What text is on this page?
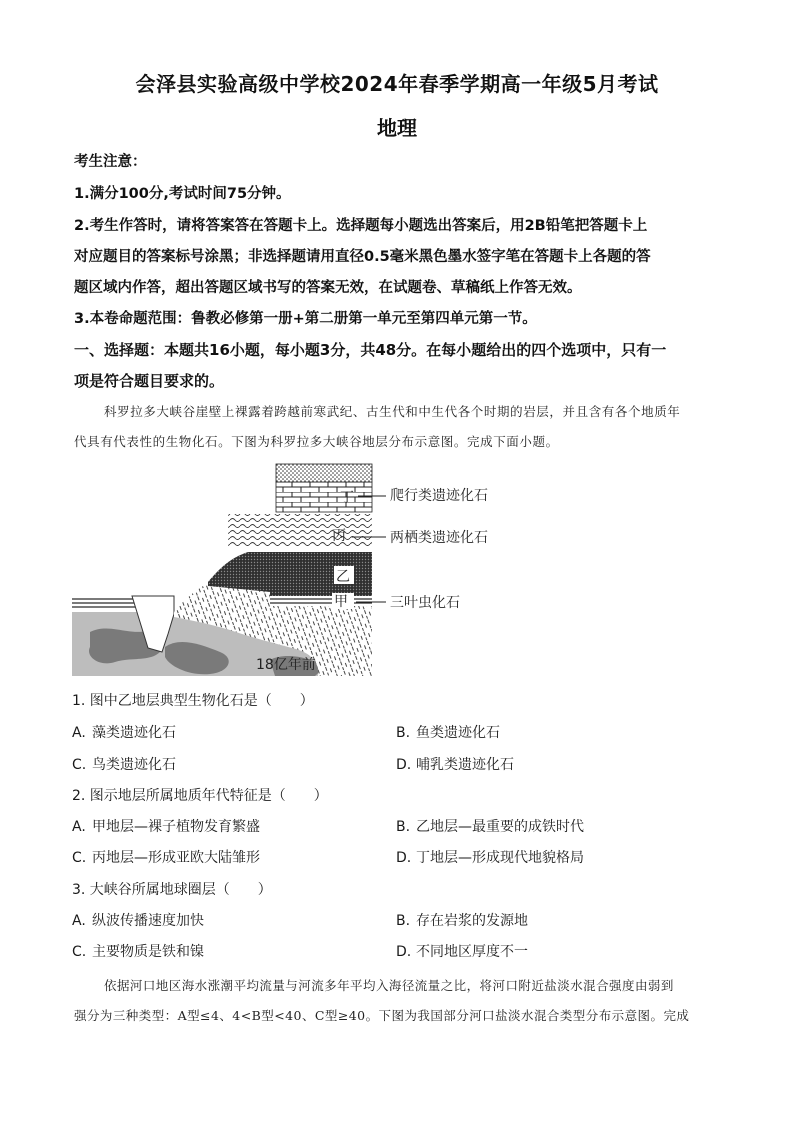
会泽县实验高级中学校2024年春季学期高一年级5月考试
地理
考生注意：
1.满分100分,考试时间75分钟。
2.考生作答时，请将答案答在答题卡上。选择题每小题选出答案后，用2B铅笔把答题卡上
对应题目的答案标号涂黑；非选择题请用直径0.5毫米黑色墨水签字笔在答题卡上各题的答
题区域内作答，超出答题区域书写的答案无效，在试题卷、草稿纸上作答无效。
3.本卷命题范围：鲁教必修第一册+第二册第一单元至第四单元第一节。
一、选择题：本题共16小题，每小题3分，共48分。在每小题给出的四个选项中，只有一
项是符合题目要求的。
科罗拉多大峡谷崖壁上裸露着跨越前寒武纪、古生代和中生代各个时期的岩层，并且含有各个地质年
代具有代表性的生物化石。下图为科罗拉多大峡谷地层分布示意图。完成下面小题。
丁
丙
乙
甲
爬行类遗迹化石
两栖类遗迹化石
三叶虫化石
18亿年前
1. 图中乙地层典型生物化石是（　　）
A. 藻类遗迹化石	B. 鱼类遗迹化石
C. 鸟类遗迹化石	D. 哺乳类遗迹化石
2. 图示地层所属地质年代特征是（　　）
A. 甲地层—裸子植物发育繁盛	B. 乙地层—最重要的成铁时代
C. 丙地层—形成亚欧大陆雏形	D. 丁地层—形成现代地貌格局
3. 大峡谷所属地球圈层（　　）
A. 纵波传播速度加快	B. 存在岩浆的发源地
C. 主要物质是铁和镍	D. 不同地区厚度不一
依据河口地区海水涨潮平均流量与河流多年平均入海径流量之比，将河口附近盐淡水混合强度由弱到
强分为三种类型：A型≤4、4<B型<40、C型≥40。下图为我国部分河口盐淡水混合类型分布示意图。完成
